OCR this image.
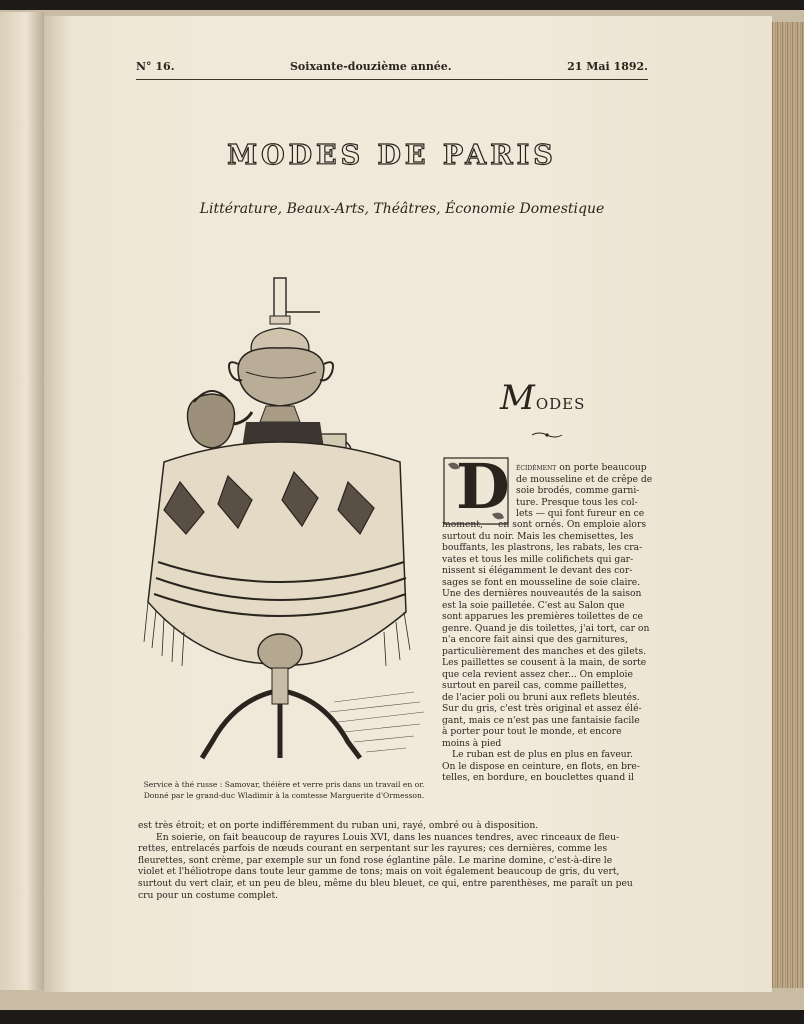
N° 16.	Soixante-douzième année.	21 Mai 1892.
MODES DE PARIS
Littérature, Beaux-Arts, Théâtres, Économie Domestique
Service à thé russe : Samovar, théière et verre pris dans un travail en or.
Donné par le grand-duc Wladimir à la comtesse Marguerite d'Ormesson.
MODES
D écidément on porte beaucoup
de mousseline et de crêpe de
soie brodés, comme garni-
ture. Presque tous les col-
lets — qui font fureur en ce
moment, — en sont ornés. On emploie alors
surtout du noir. Mais les chemisettes, les
bouffants, les plastrons, les rabats, les cra-
vates et tous les mille colifichets qui gar-
nissent si élégamment le devant des cor-
sages se font en mousseline de soie claire.
Une des dernières nouveautés de la saison
est la soie pailletée. C'est au Salon que
sont apparues les premières toilettes de ce
genre. Quand je dis toilettes, j'ai tort, car on
n'a encore fait ainsi que des garnitures,
particulièrement des manches et des gilets.
Les paillettes se cousent à la main, de sorte
que cela revient assez cher... On emploie
surtout en pareil cas, comme paillettes,
de l'acier poli ou bruni aux reflets bleutés.
Sur du gris, c'est très original et assez élé-
gant, mais ce n'est pas une fantaisie facile
à porter pour tout le monde, et encore
moins à pied
Le ruban est de plus en plus en faveur.
On le dispose en ceinture, en flots, en bre-
telles, en bordure, en bouclettes quand il
est très étroit; et on porte indifféremment du ruban uni, rayé, ombré ou à disposition.
En soierie, on fait beaucoup de rayures Louis XVI, dans les nuances tendres, avec rinceaux de fleu-
rettes, entrelacés parfois de nœuds courant en serpentant sur les rayures; ces dernières, comme les
fleurettes, sont crème, par exemple sur un fond rose églantine pâle. Le marine domine, c'est-à-dire le
violet et l'héliotrope dans toute leur gamme de tons; mais on voit également beaucoup de gris, du vert,
surtout du vert clair, et un peu de bleu, même du bleu bleuet, ce qui, entre parenthèses, me paraît un peu
cru pour un costume complet.
